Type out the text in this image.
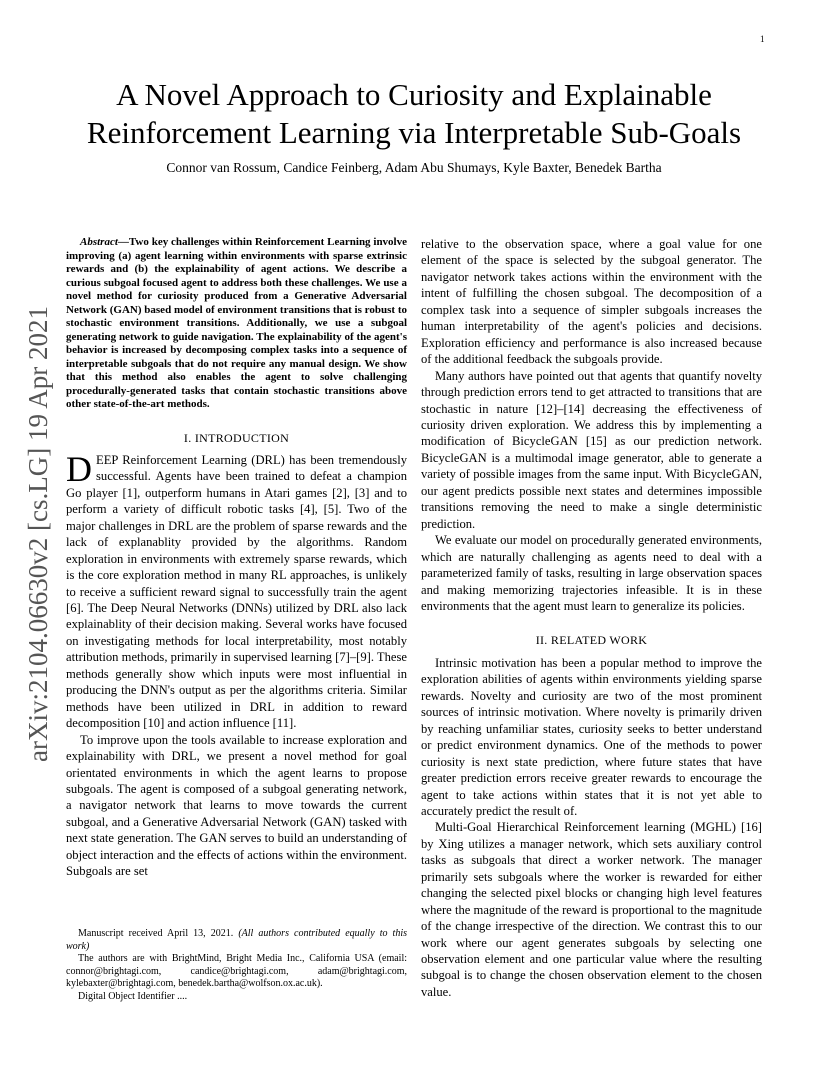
1
arXiv:2104.06630v2 [cs.LG] 19 Apr 2021
A Novel Approach to Curiosity and Explainable
Reinforcement Learning via Interpretable Sub-Goals
Connor van Rossum, Candice Feinberg, Adam Abu Shumays, Kyle Baxter, Benedek Bartha

Abstract—Two key challenges within Reinforcement Learning involve improving (a) agent learning within environments with sparse extrinsic rewards and (b) the explainability of agent actions. We describe a curious subgoal focused agent to address both these challenges. We use a novel method for curiosity produced from a Generative Adversarial Network (GAN) based model of environment transitions that is robust to stochastic environment transitions. Additionally, we use a subgoal generating network to guide navigation. The explainability of the agent's behavior is increased by decomposing complex tasks into a sequence of interpretable subgoals that do not require any manual design. We show that this method also enables the agent to solve challenging procedurally-generated tasks that contain stochastic transitions above other state-of-the-art methods.

I. INTRODUCTION

DEEP Reinforcement Learning (DRL) has been tremendously successful. Agents have been trained to defeat a champion Go player [1], outperform humans in Atari games [2], [3] and to perform a variety of difficult robotic tasks [4], [5]. Two of the major challenges in DRL are the problem of sparse rewards and the lack of explanablity provided by the algorithms. Random exploration in environments with extremely sparse rewards, which is the core exploration method in many RL approaches, is unlikely to receive a sufficient reward signal to successfully train the agent [6]. The Deep Neural Networks (DNNs) utilized by DRL also lack explainablity of their decision making. Several works have focused on investigating methods for local interpretability, most notably attribution methods, primarily in supervised learning [7]–[9]. These methods generally show which inputs were most influential in producing the DNN's output as per the algorithms criteria. Similar methods have been utilized in DRL in addition to reward decomposition [10] and action influence [11].

To improve upon the tools available to increase exploration and explainability with DRL, we present a novel method for goal orientated environments in which the agent learns to propose subgoals. The agent is composed of a subgoal generating network, a navigator network that learns to move towards the current subgoal, and a Generative Adversarial Network (GAN) tasked with next state generation. The GAN serves to build an understanding of object interaction and the effects of actions within the environment. Subgoals are set

Manuscript received April 13, 2021. (All authors contributed equally to this work)

The authors are with BrightMind, Bright Media Inc., California USA (email: connor@brightagi.com, candice@brightagi.com, adam@brightagi.com, kylebaxter@brightagi.com, benedek.bartha@wolfson.ox.ac.uk).

Digital Object Identifier ....

relative to the observation space, where a goal value for one element of the space is selected by the subgoal generator. The navigator network takes actions within the environment with the intent of fulfilling the chosen subgoal. The decomposition of a complex task into a sequence of simpler subgoals increases the human interpretability of the agent's policies and decisions. Exploration efficiency and performance is also increased because of the additional feedback the subgoals provide.

Many authors have pointed out that agents that quantify novelty through prediction errors tend to get attracted to transitions that are stochastic in nature [12]–[14] decreasing the effectiveness of curiosity driven exploration. We address this by implementing a modification of BicycleGAN [15] as our prediction network. BicycleGAN is a multimodal image generator, able to generate a variety of possible images from the same input. With BicycleGAN, our agent predicts possible next states and determines impossible transitions removing the need to make a single deterministic prediction.

We evaluate our model on procedurally generated environments, which are naturally challenging as agents need to deal with a parameterized family of tasks, resulting in large observation spaces and making memorizing trajectories infeasible. It is in these environments that the agent must learn to generalize its policies.

II. RELATED WORK

Intrinsic motivation has been a popular method to improve the exploration abilities of agents within environments yielding sparse rewards. Novelty and curiosity are two of the most prominent sources of intrinsic motivation. Where novelty is primarily driven by reaching unfamiliar states, curiosity seeks to better understand or predict environment dynamics. One of the methods to power curiosity is next state prediction, where future states that have greater prediction errors receive greater rewards to encourage the agent to take actions within states that it is not yet able to accurately predict the result of.

Multi-Goal Hierarchical Reinforcement learning (MGHL) [16] by Xing utilizes a manager network, which sets auxiliary control tasks as subgoals that direct a worker network. The manager primarily sets subgoals where the worker is rewarded for either changing the selected pixel blocks or changing high level features where the magnitude of the reward is proportional to the magnitude of the change irrespective of the direction. We contrast this to our work where our agent generates subgoals by selecting one observation element and one particular value where the resulting subgoal is to change the chosen observation element to the chosen value.
